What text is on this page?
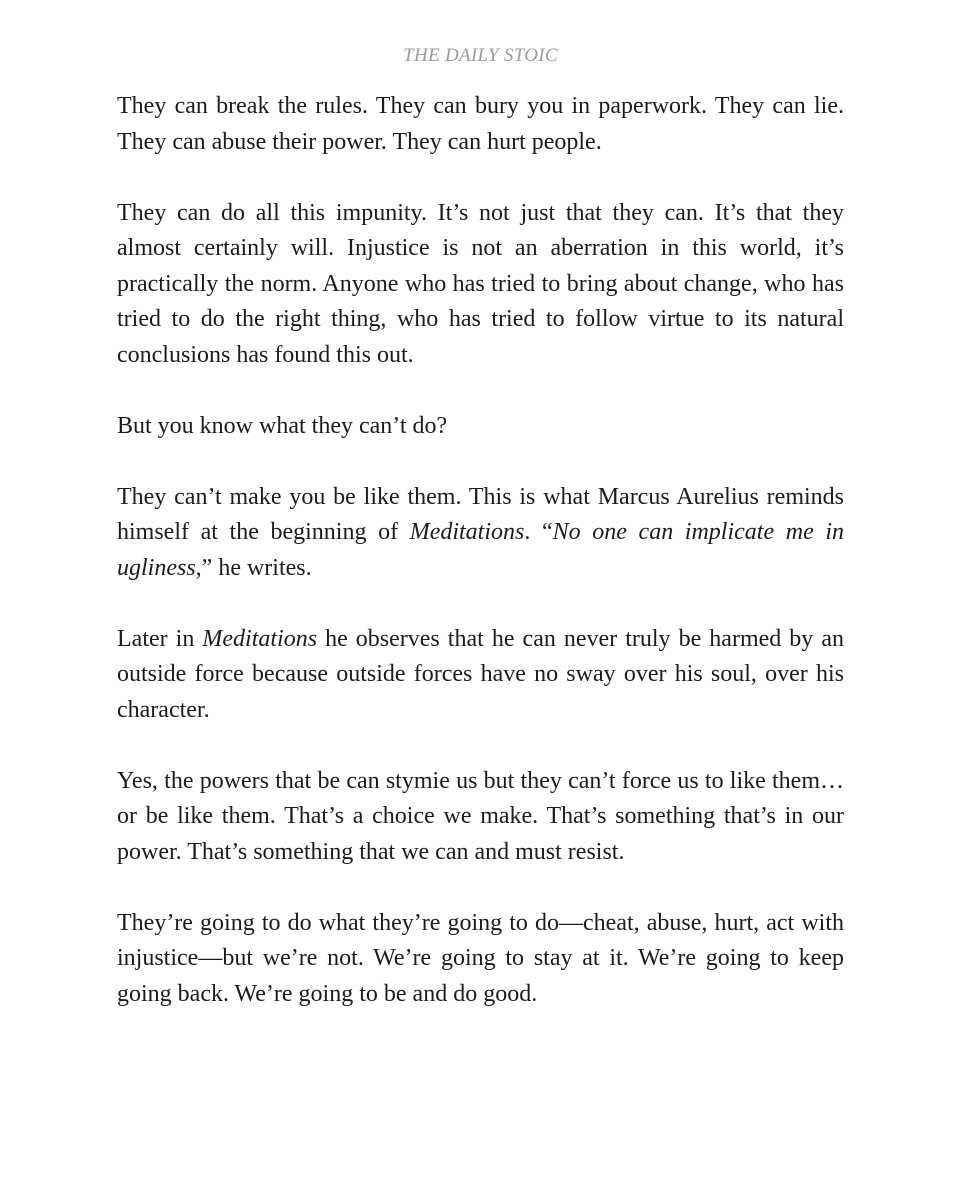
THE DAILY STOIC

They can break the rules. They can bury you in paperwork. They can lie. They can abuse their power. They can hurt people.

They can do all this impunity. It’s not just that they can. It’s that they almost certainly will. Injustice is not an aberration in this world, it’s practically the norm. Anyone who has tried to bring about change, who has tried to do the right thing, who has tried to follow virtue to its natural conclusions has found this out.

But you know what they can’t do?

They can’t make you be like them. This is what Marcus Aurelius reminds himself at the beginning of Meditations. “No one can implicate me in ugliness,” he writes.

Later in Meditations he observes that he can never truly be harmed by an outside force because outside forces have no sway over his soul, over his character.

Yes, the powers that be can stymie us but they can’t force us to like them…or be like them. That’s a choice we make. That’s something that’s in our power. That’s something that we can and must resist.

They’re going to do what they’re going to do—cheat, abuse, hurt, act with injustice—but we’re not. We’re going to stay at it. We’re going to keep going back. We’re going to be and do good.
